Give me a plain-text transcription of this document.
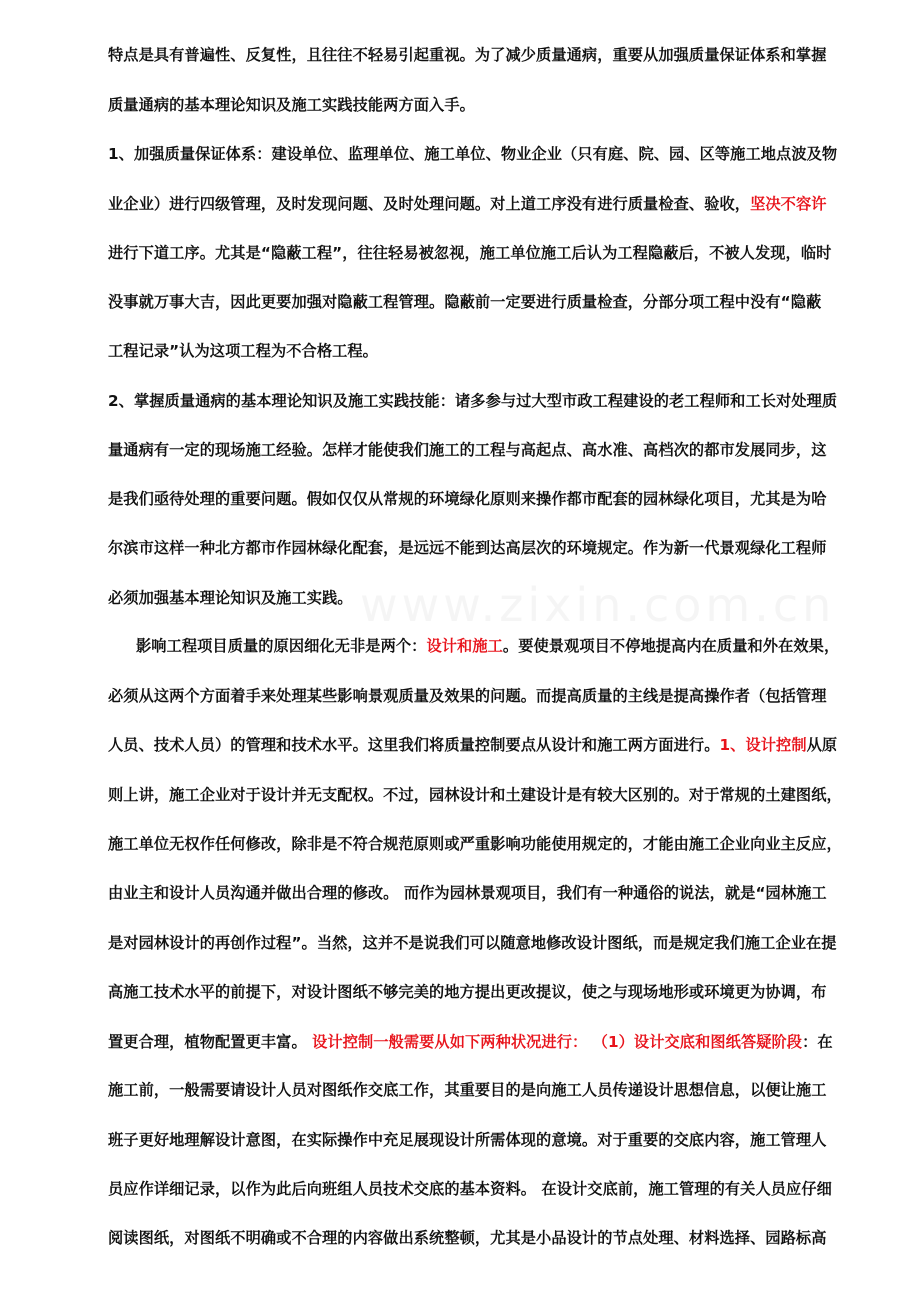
www.zixin.com.cn
特点是具有普遍性、反复性，且往往不轻易引起重视。为了减少质量通病，重要从加强质量保证体系和掌握
质量通病的基本理论知识及施工实践技能两方面入手。
1、加强质量保证体系：建设单位、监理单位、施工单位、物业企业（只有庭、院、园、区等施工地点波及物
业企业）进行四级管理，及时发现问题、及时处理问题。对上道工序没有进行质量检查、验收，坚决不容许
进行下道工序。尤其是“隐蔽工程”，往往轻易被忽视，施工单位施工后认为工程隐蔽后，不被人发现，临时
没事就万事大吉，因此更要加强对隐蔽工程管理。隐蔽前一定要进行质量检查，分部分项工程中没有“隐蔽
工程记录”认为这项工程为不合格工程。
2、掌握质量通病的基本理论知识及施工实践技能：诸多参与过大型市政工程建设的老工程师和工长对处理质
量通病有一定的现场施工经验。怎样才能使我们施工的工程与高起点、高水准、高档次的都市发展同步，这
是我们亟待处理的重要问题。假如仅仅从常规的环境绿化原则来操作都市配套的园林绿化项目，尤其是为哈
尔滨市这样一种北方都市作园林绿化配套，是远远不能到达高层次的环境规定。作为新一代景观绿化工程师
必须加强基本理论知识及施工实践。
影响工程项目质量的原因细化无非是两个：设计和施工。要使景观项目不停地提高内在质量和外在效果，
必须从这两个方面着手来处理某些影响景观质量及效果的问题。而提高质量的主线是提高操作者（包括管理
人员、技术人员）的管理和技术水平。这里我们将质量控制要点从设计和施工两方面进行。1、设计控制从原
则上讲，施工企业对于设计并无支配权。不过，园林设计和土建设计是有较大区别的。对于常规的土建图纸，
施工单位无权作任何修改，除非是不符合规范原则或严重影响功能使用规定的，才能由施工企业向业主反应，
由业主和设计人员沟通并做出合理的修改。 而作为园林景观项目，我们有一种通俗的说法，就是“园林施工
是对园林设计的再创作过程”。当然，这并不是说我们可以随意地修改设计图纸，而是规定我们施工企业在提
高施工技术水平的前提下，对设计图纸不够完美的地方提出更改提议，使之与现场地形或环境更为协调，布
置更合理，植物配置更丰富。 设计控制一般需要从如下两种状况进行： （1）设计交底和图纸答疑阶段：在
施工前，一般需要请设计人员对图纸作交底工作，其重要目的是向施工人员传递设计思想信息，以便让施工
班子更好地理解设计意图，在实际操作中充足展现设计所需体现的意境。对于重要的交底内容，施工管理人
员应作详细记录，以作为此后向班组人员技术交底的基本资料。 在设计交底前，施工管理的有关人员应仔细
阅读图纸，对图纸不明确或不合理的内容做出系统整顿，尤其是小品设计的节点处理、材料选择、园路标高
